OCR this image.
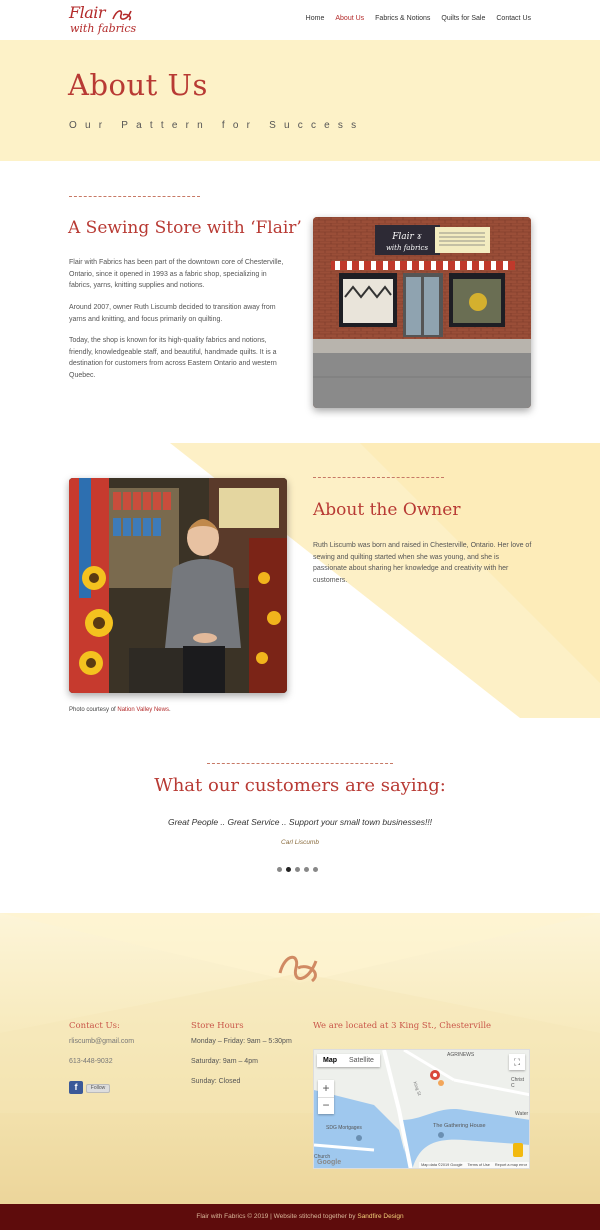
Flair
with fabrics
Home About Us Fabrics & Notions Quilts for Sale Contact Us
About Us
Our Pattern for Success
A Sewing Store with ‘Flair’

Flair with Fabrics has been part of the downtown core of Chesterville, Ontario, since it opened in 1993 as a fabric shop, specializing in fabrics, yarns, knitting supplies and notions.

Around 2007, owner Ruth Liscumb decided to transition away from yarns and knitting, and focus primarily on quilting.

Today, the shop is known for its high-quality fabrics and notions, friendly, knowledgeable staff, and beautiful, handmade quilts. It is a destination for customers from across Eastern Ontario and western Quebec.

Flair ɤ
with fabrics
About the Owner

Ruth Liscumb was born and raised in Chesterville, Ontario. Her love of sewing and quilting started when she was young, and she is passionate about sharing her knowledge and creativity with her customers.

Photo courtesy of Nation Valley News.
What our customers are saying:
Great People .. Great Service .. Support your small town businesses!!!
Carl Liscumb
Contact Us:
rliscumb@gmail.com
613-448-9032
f	Follow
Store Hours
Monday – Friday: 9am – 5:30pm
Saturday: 9am – 4pm
Sunday: Closed
We are located at 3 King St., Chesterville
Map	Satellite	⛶
+
−
AGRINEWS
Christ C
Water
The Gathering House
SDG Mortgages
King St
Church
Google	Map data ©2019 Google Terms of Use Report a map error
Flair with Fabrics © 2019 | Website stitched together by Sandfire Design
